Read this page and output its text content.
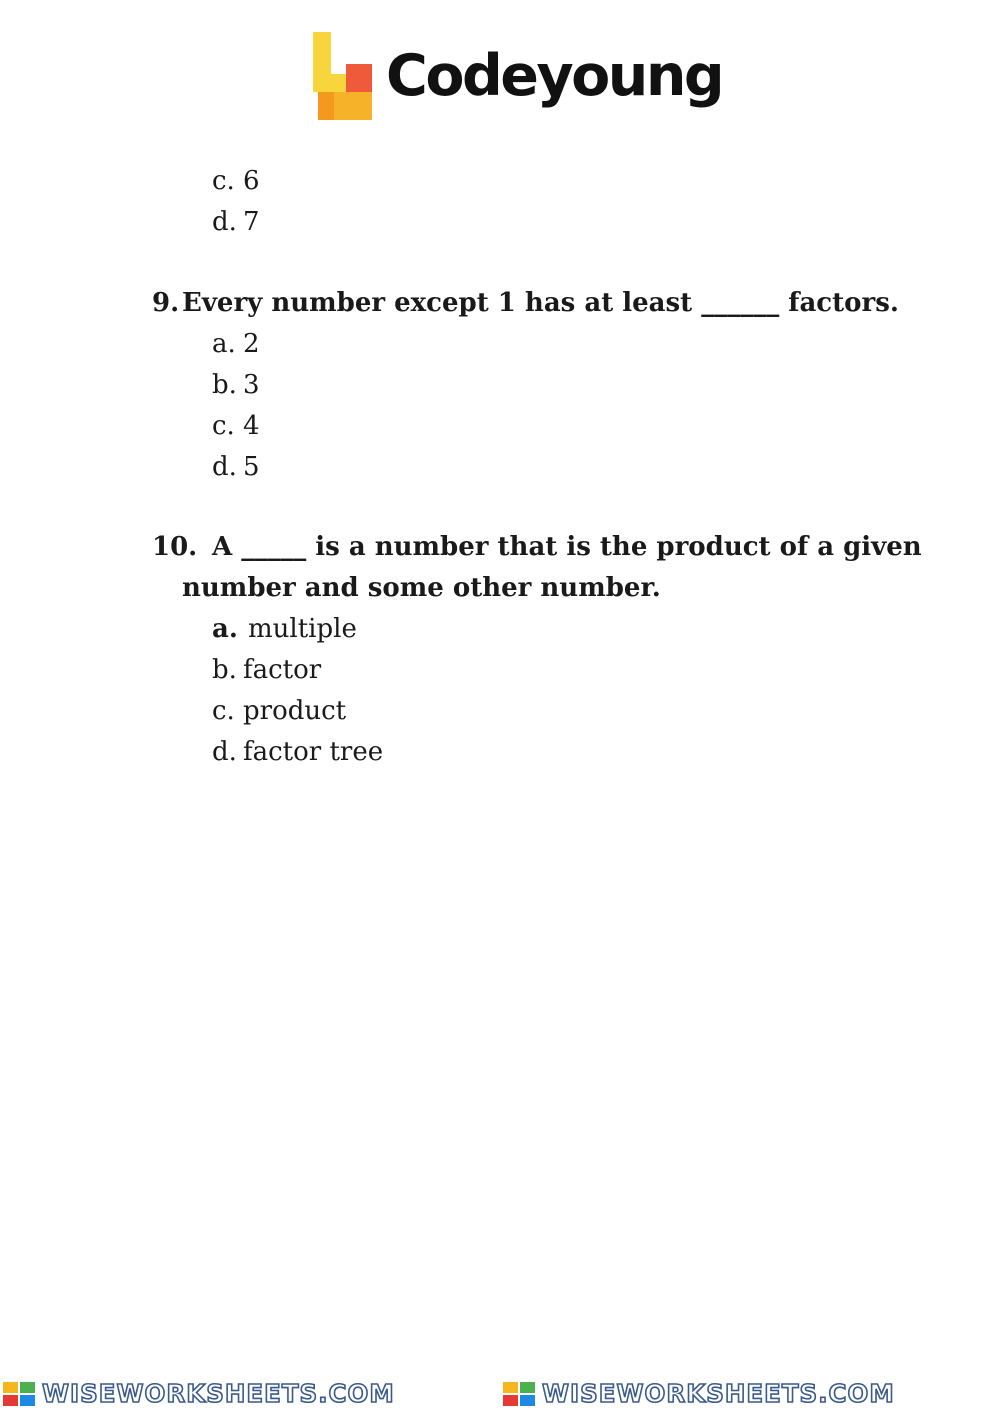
Codeyoung
c. 6
d. 7
9. Every number except 1 has at least ______ factors.
a. 2
b. 3
c. 4
d. 5
10. A _____ is a number that is the product of a given
number and some other number.
a. multiple
b. factor
c. product
d. factor tree
WISEWORKSHEETS.COM	WISEWORKSHEETS.COM
